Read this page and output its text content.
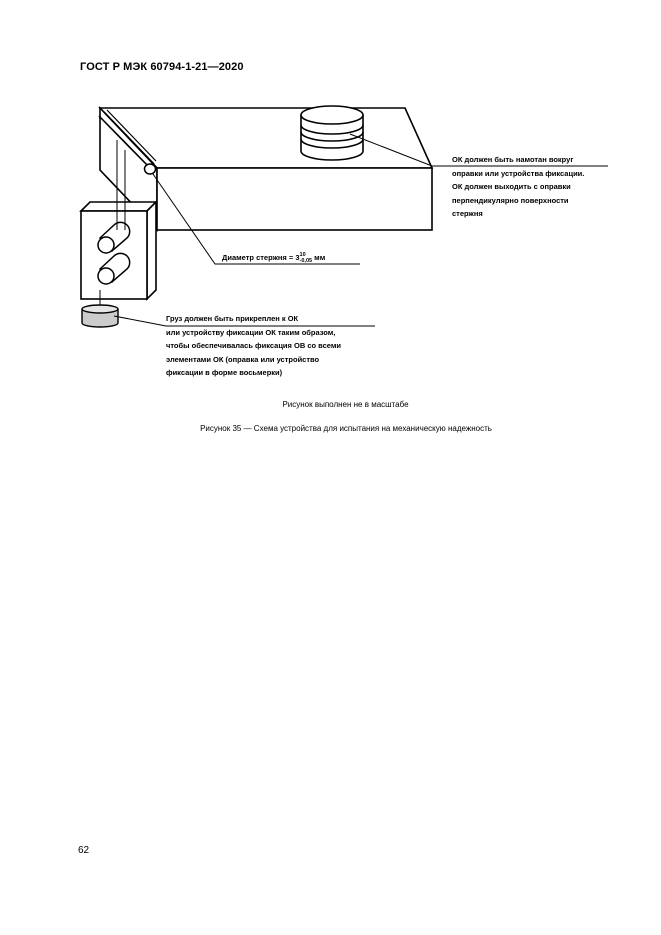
ГОСТ Р МЭК 60794-1-21—2020
ОК должен быть намотан вокруг
оправки или устройства фиксации.
ОК должен выходить с оправки
перпендикулярно поверхности
стержня
Диаметр стержня = 3 10
-0,05 мм
Груз должен быть прикреплен к ОК
или устройству фиксации ОК таким образом,
чтобы обеспечивалась фиксация ОВ со всеми
элементами ОК (оправка или устройство
фиксации в форме восьмерки)
Рисунок выполнен не в масштабе
Рисунок 35 — Схема устройства для испытания на механическую надежность
62
